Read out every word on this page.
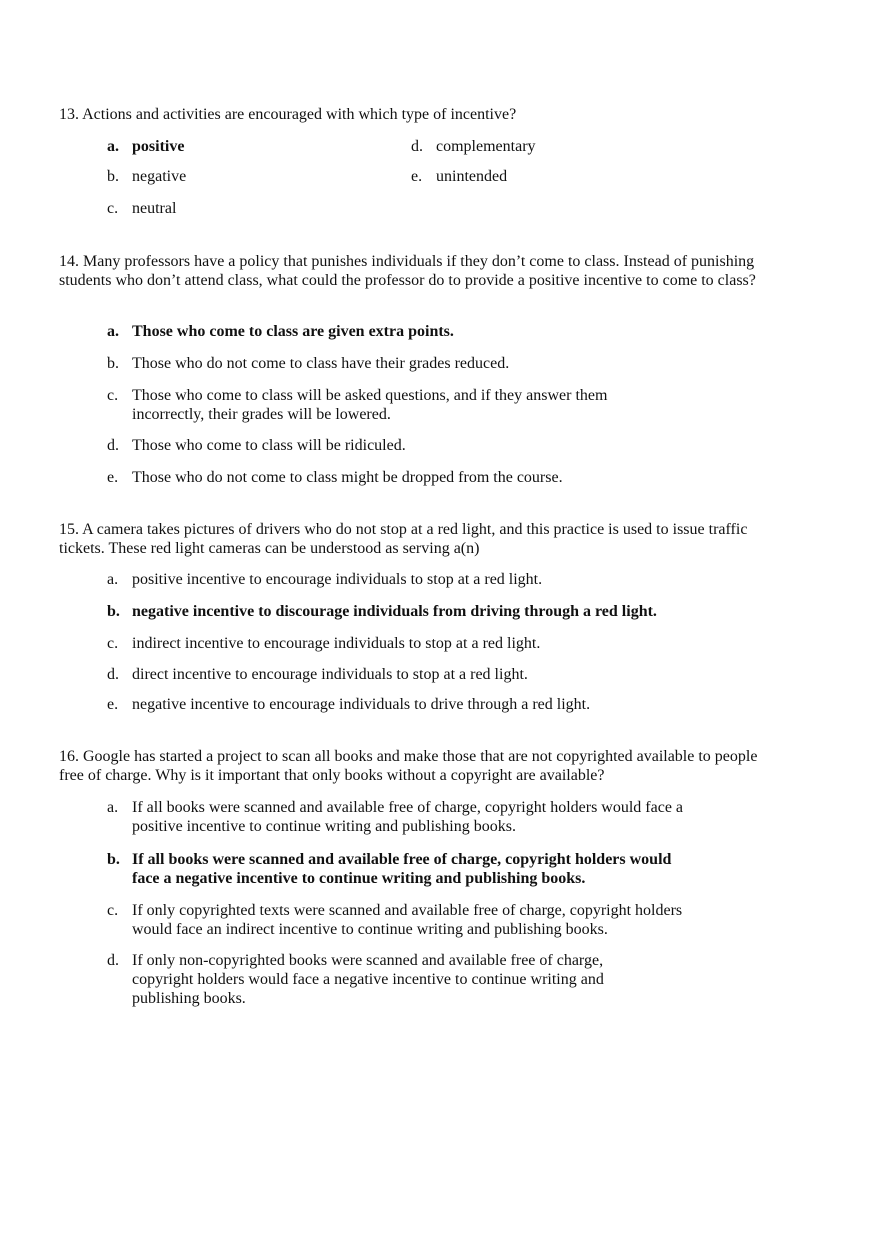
13. Actions and activities are encouraged with which type of incentive?

a. positive
b. negative
c. neutral
d. complementary
e. unintended

14. Many professors have a policy that punishes individuals if they don’t come to class. Instead of punishing students who don’t attend class, what could the professor do to provide a positive incentive to come to class?

a. Those who come to class are given extra points.
b. Those who do not come to class have their grades reduced.
c. Those who come to class will be asked questions, and if they answer them incorrectly, their grades will be lowered.
d. Those who come to class will be ridiculed.
e. Those who do not come to class might be dropped from the course.

15. A camera takes pictures of drivers who do not stop at a red light, and this practice is used to issue traffic tickets. These red light cameras can be understood as serving a(n)

a. positive incentive to encourage individuals to stop at a red light.
b. negative incentive to discourage individuals from driving through a red light.
c. indirect incentive to encourage individuals to stop at a red light.
d. direct incentive to encourage individuals to stop at a red light.
e. negative incentive to encourage individuals to drive through a red light.

16. Google has started a project to scan all books and make those that are not copyrighted available to people free of charge. Why is it important that only books without a copyright are available?

a. If all books were scanned and available free of charge, copyright holders would face a positive incentive to continue writing and publishing books.
b. If all books were scanned and available free of charge, copyright holders would face a negative incentive to continue writing and publishing books.
c. If only copyrighted texts were scanned and available free of charge, copyright holders would face an indirect incentive to continue writing and publishing books.
d. If only non-copyrighted books were scanned and available free of charge, copyright holders would face a negative incentive to continue writing and publishing books.
